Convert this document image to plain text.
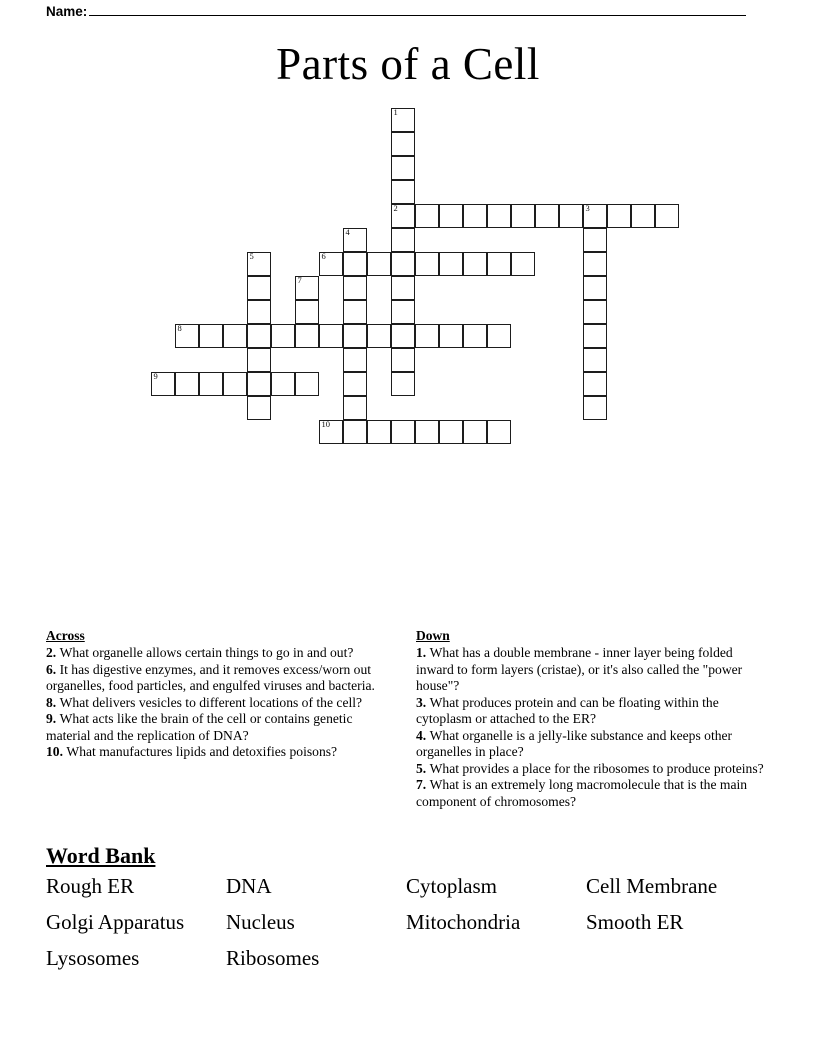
Name:
Parts of a Cell
1
2	3
4
5	6
7
8
9
10
Across
2. What organelle allows certain things to go in and out?
6. It has digestive enzymes, and it removes excess/worn out organelles, food particles, and engulfed viruses and bacteria.
8. What delivers vesicles to different locations of the cell?
9. What acts like the brain of the cell or contains genetic material and the replication of DNA?
10. What manufactures lipids and detoxifies poisons?
Down
1. What has a double membrane - inner layer being folded inward to form layers (cristae), or it's also called the "power house"?
3. What produces protein and can be floating within the cytoplasm or attached to the ER?
4. What organelle is a jelly-like substance and keeps other organelles in place?
5. What provides a place for the ribosomes to produce proteins?
7. What is an extremely long macromolecule that is the main component of chromosomes?
Word Bank
Rough ER	DNA	Cytoplasm	Cell Membrane
Golgi Apparatus	Nucleus	Mitochondria	Smooth ER
Lysosomes	Ribosomes
